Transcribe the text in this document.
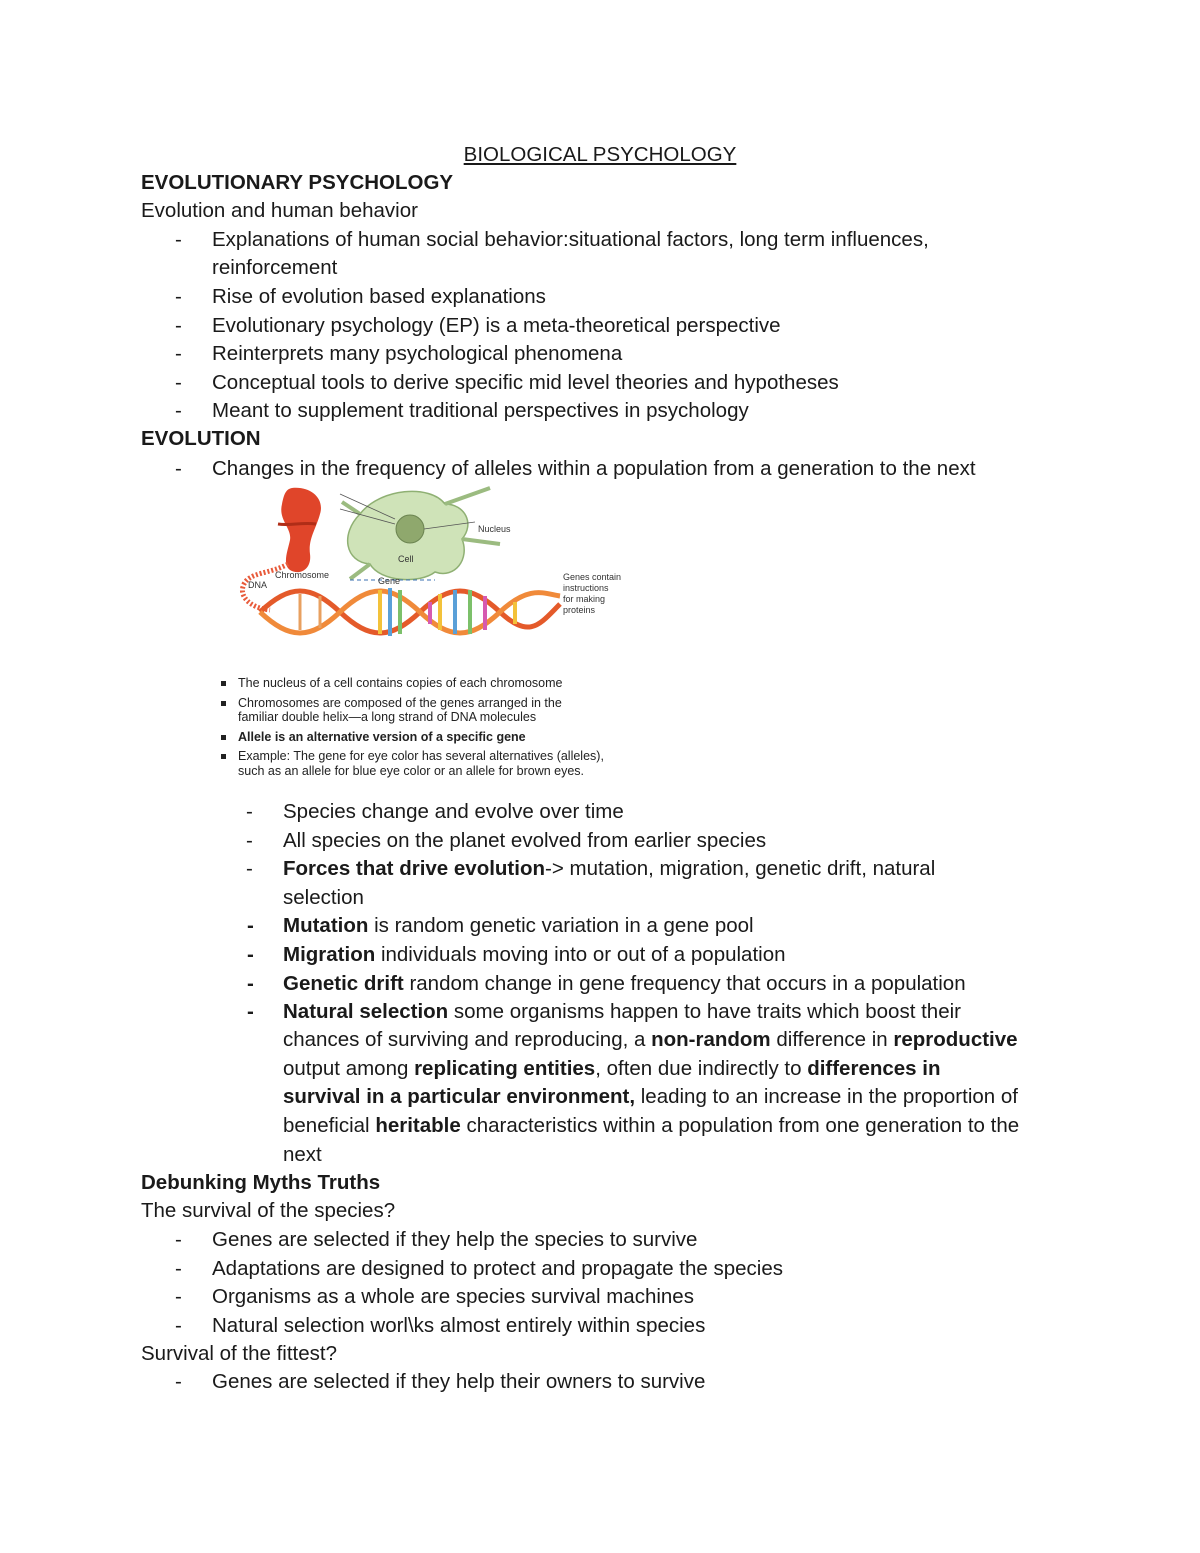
BIOLOGICAL PSYCHOLOGY
EVOLUTIONARY PSYCHOLOGY
Evolution and human behavior
- Explanations of human social behavior:situational factors, long term influences,
reinforcement
- Rise of evolution based explanations
- Evolutionary psychology (EP) is a meta-theoretical perspective
- Reinterprets many psychological phenomena
- Conceptual tools to derive specific mid level theories and hypotheses
- Meant to supplement traditional perspectives in psychology
EVOLUTION
- Changes in the frequency of alleles within a population from a generation to the next
Nucleus
Cell
Chromosome
DNA	Gene	Genes contain
instructions
for making
proteins
The nucleus of a cell contains copies of each chromosome
Chromosomes are composed of the genes arranged in the
familiar double helix—a long strand of DNA molecules
Allele is an alternative version of a specific gene
Example: The gene for eye color has several alternatives (alleles),
such as an allele for blue eye color or an allele for brown eyes.
- Species change and evolve over time
- All species on the planet evolved from earlier species
- Forces that drive evolution-> mutation, migration, genetic drift, natural
selection
- Mutation is random genetic variation in a gene pool
- Migration individuals moving into or out of a population
- Genetic drift random change in gene frequency that occurs in a population
- Natural selection some organisms happen to have traits which boost their
chances of surviving and reproducing, a non-random difference in reproductive
output among replicating entities, often due indirectly to differences in
survival in a particular environment, leading to an increase in the proportion of
beneficial heritable characteristics within a population from one generation to the
next
Debunking Myths Truths
The survival of the species?
- Genes are selected if they help the species to survive
- Adaptations are designed to protect and propagate the species
- Organisms as a whole are species survival machines
- Natural selection worl\ks almost entirely within species
Survival of the fittest?
- Genes are selected if they help their owners to survive
